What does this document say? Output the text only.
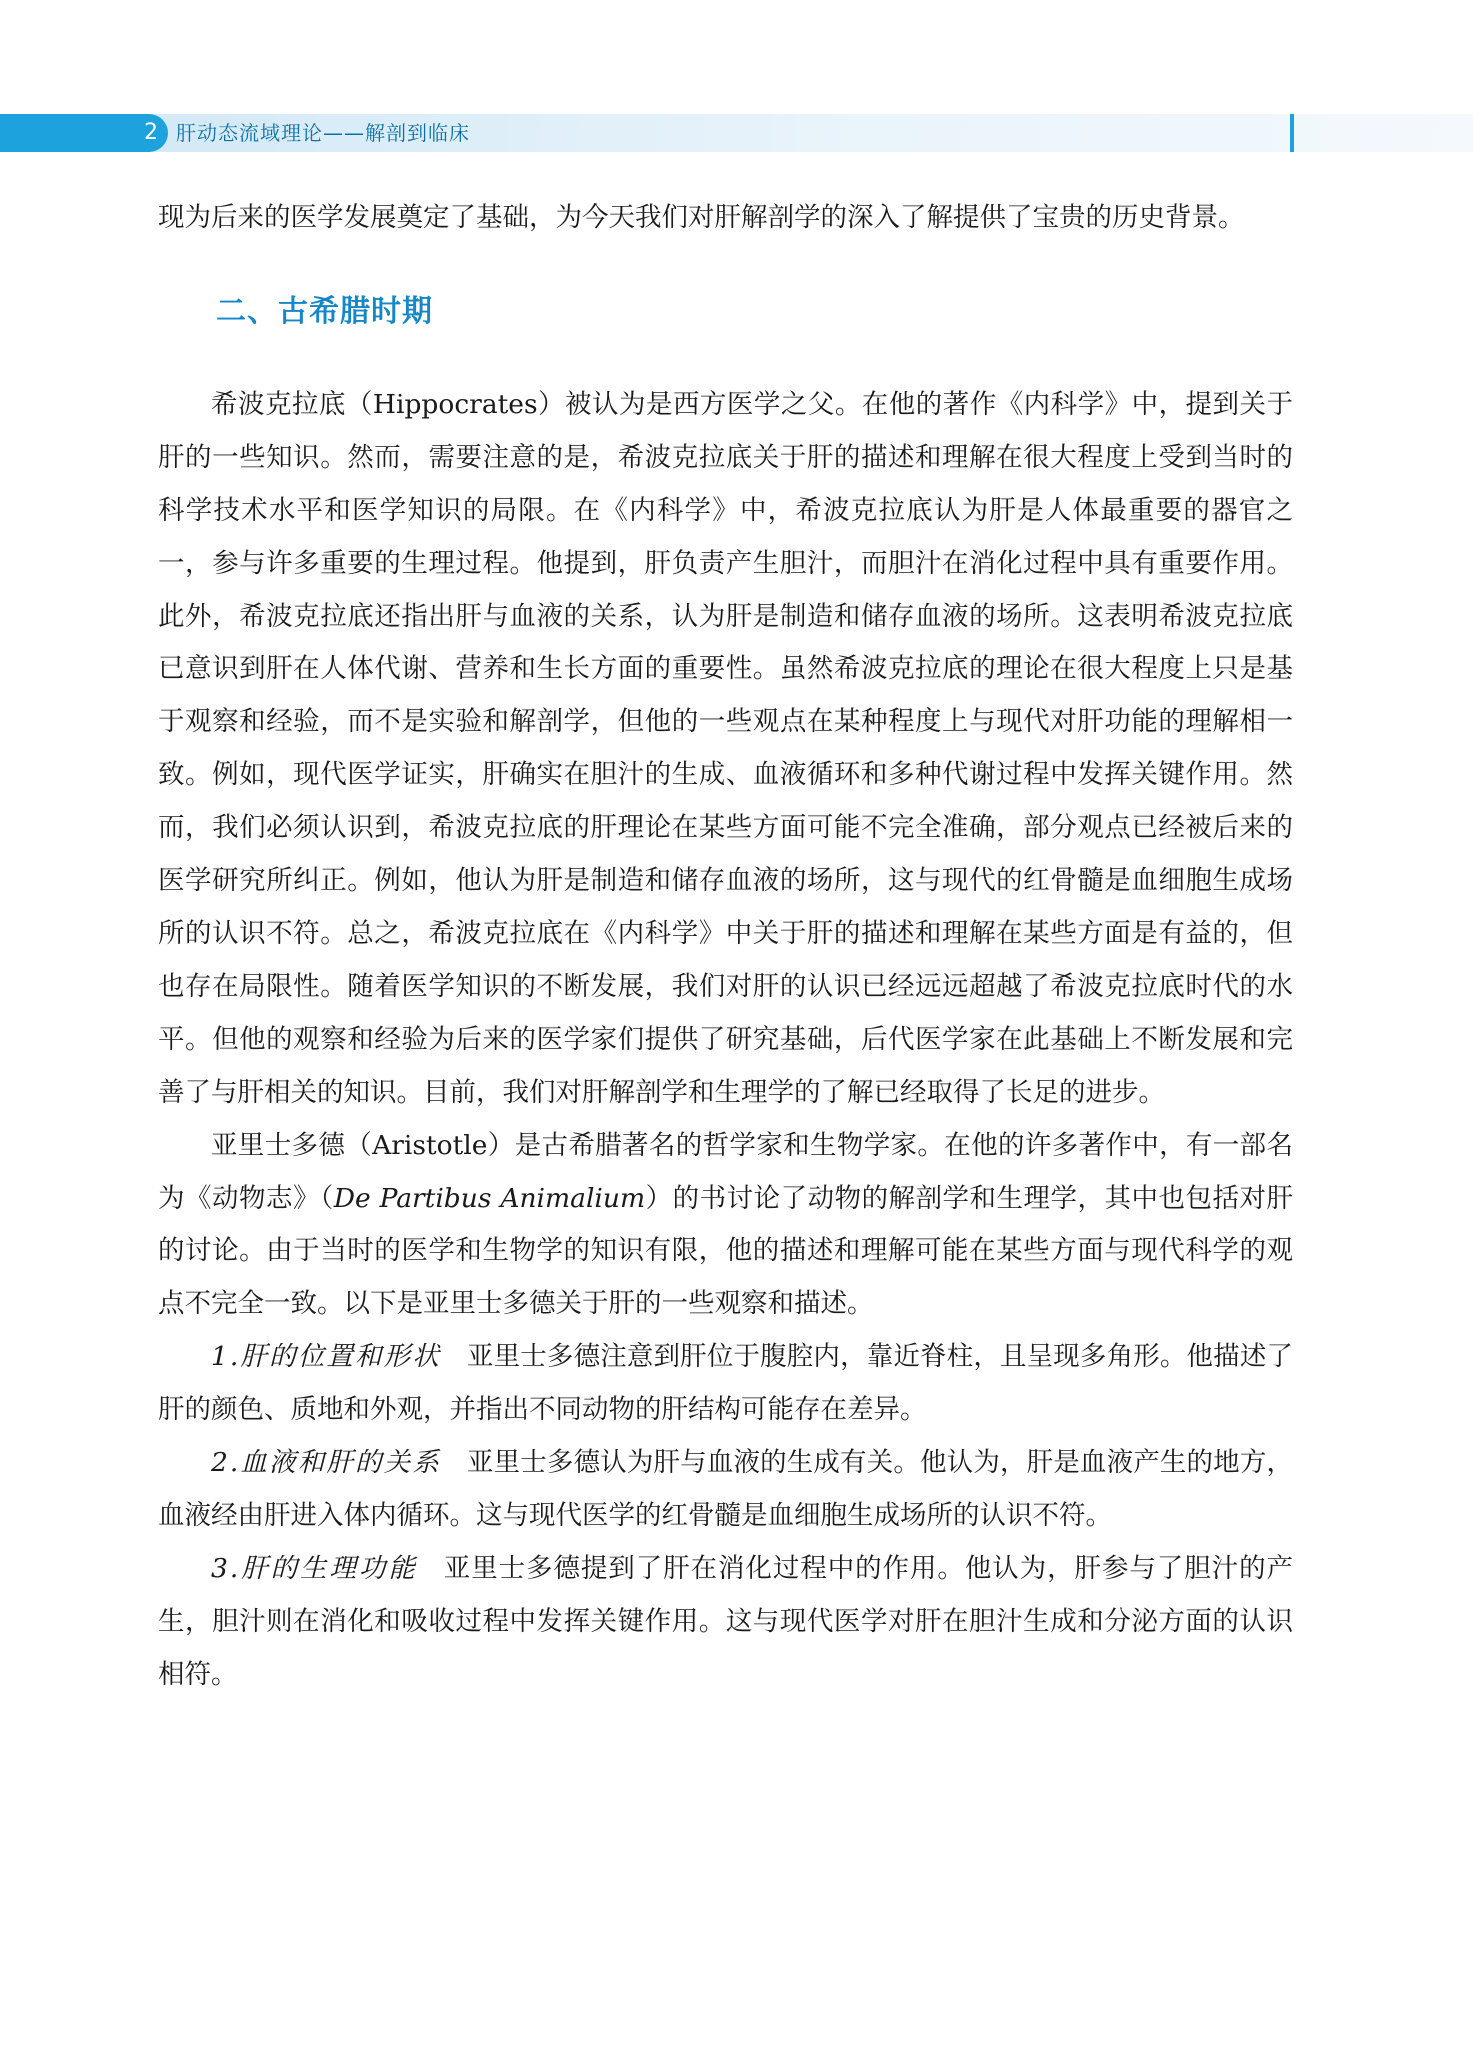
2 肝动态流域理论——解剖到临床

现为后来的医学发展奠定了基础，为今天我们对肝解剖学的深入了解提供了宝贵的历史背景。

二、古希腊时期

希波克拉底（Hippocrates）被认为是西方医学之父。在他的著作《内科学》中，提到关于肝的一些知识。然而，需要注意的是，希波克拉底关于肝的描述和理解在很大程度上受到当时的科学技术水平和医学知识的局限。在《内科学》中，希波克拉底认为肝是人体最重要的器官之一，参与许多重要的生理过程。他提到，肝负责产生胆汁，而胆汁在消化过程中具有重要作用。此外，希波克拉底还指出肝与血液的关系，认为肝是制造和储存血液的场所。这表明希波克拉底已意识到肝在人体代谢、营养和生长方面的重要性。虽然希波克拉底的理论在很大程度上只是基于观察和经验，而不是实验和解剖学，但他的一些观点在某种程度上与现代对肝功能的理解相一致。例如，现代医学证实，肝确实在胆汁的生成、血液循环和多种代谢过程中发挥关键作用。然而，我们必须认识到，希波克拉底的肝理论在某些方面可能不完全准确，部分观点已经被后来的医学研究所纠正。例如，他认为肝是制造和储存血液的场所，这与现代的红骨髓是血细胞生成场所的认识不符。总之，希波克拉底在《内科学》中关于肝的描述和理解在某些方面是有益的，但也存在局限性。随着医学知识的不断发展，我们对肝的认识已经远远超越了希波克拉底时代的水平。但他的观察和经验为后来的医学家们提供了研究基础，后代医学家在此基础上不断发展和完善了与肝相关的知识。目前，我们对肝解剖学和生理学的了解已经取得了长足的进步。

亚里士多德（Aristotle）是古希腊著名的哲学家和生物学家。在他的许多著作中，有一部名为《动物志》（De Partibus Animalium）的书讨论了动物的解剖学和生理学，其中也包括对肝的讨论。由于当时的医学和生物学的知识有限，他的描述和理解可能在某些方面与现代科学的观点不完全一致。以下是亚里士多德关于肝的一些观察和描述。

1.肝的位置和形状 亚里士多德注意到肝位于腹腔内，靠近脊柱，且呈现多角形。他描述了肝的颜色、质地和外观，并指出不同动物的肝结构可能存在差异。

2.血液和肝的关系 亚里士多德认为肝与血液的生成有关。他认为，肝是血液产生的地方，血液经由肝进入体内循环。这与现代医学的红骨髓是血细胞生成场所的认识不符。

3.肝的生理功能 亚里士多德提到了肝在消化过程中的作用。他认为，肝参与了胆汁的产生，胆汁则在消化和吸收过程中发挥关键作用。这与现代医学对肝在胆汁生成和分泌方面的认识相符。
